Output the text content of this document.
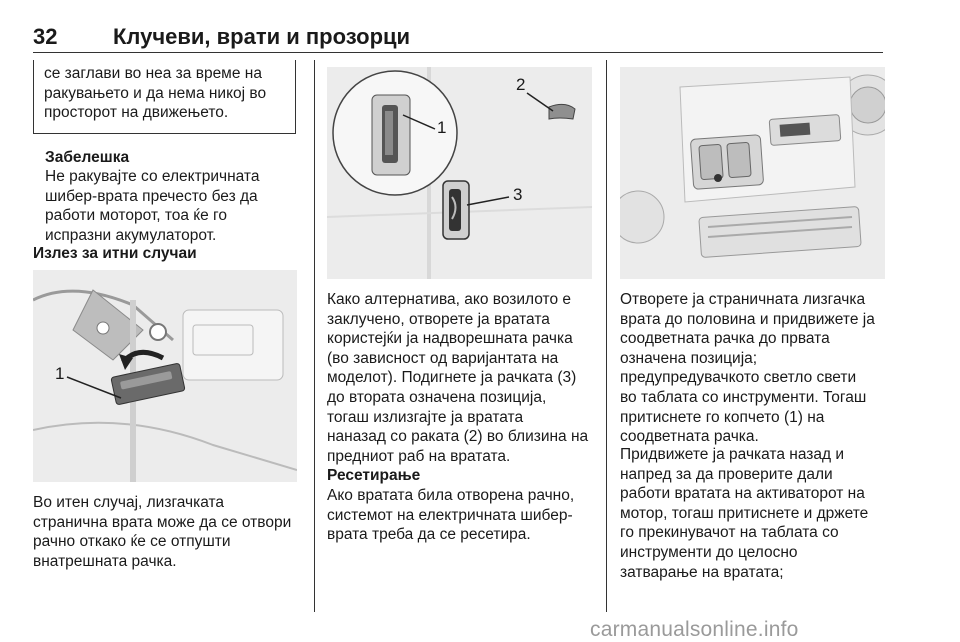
32	Клучеви, врати и прозорци
се заглави во неа за време на
ракувањето и да нема никој во
просторот на движењето.
Забелешка
Не ракувајте со електричната
шибер-врата пречесто без да
работи моторот, тоа ќе го
испразни акумулаторот.
Излез за итни случаи
1
Во итен случај, лизгачката
странична врата може да се отвори
рачно откако ќе се отпушти
внатрешната рачка.
1
2
3
Како алтернатива, ако возилото е
заклучено, отворете ја вратата
користејќи ја надворешната рачка
(во зависност од варијантата на
моделот). Подигнете ја рачката (3)
до втората означена позиција,
тогаш излизгајте ја вратата
наназад со раката (2) во близина на
предниот раб на вратата.
Ресетирање
Ако вратата била отворена рачно,
системот на електричната шибер-
врата треба да се ресетира.
Отворете ја страничната лизгачка
врата до половина и придвижете ја
соодветната рачка до првата
означена позиција;
предупредувачкото светло свети
во таблата со инструменти. Тогаш
притиснете го копчето (1) на
соодветната рачка.
Придвижете ја рачката назад и
напред за да проверите дали
работи вратата на активаторот на
мотор, тогаш притиснете и држете
го прекинувачот на таблата со
инструменти до целосно
затварање на вратата;
carmanualsonline.info
